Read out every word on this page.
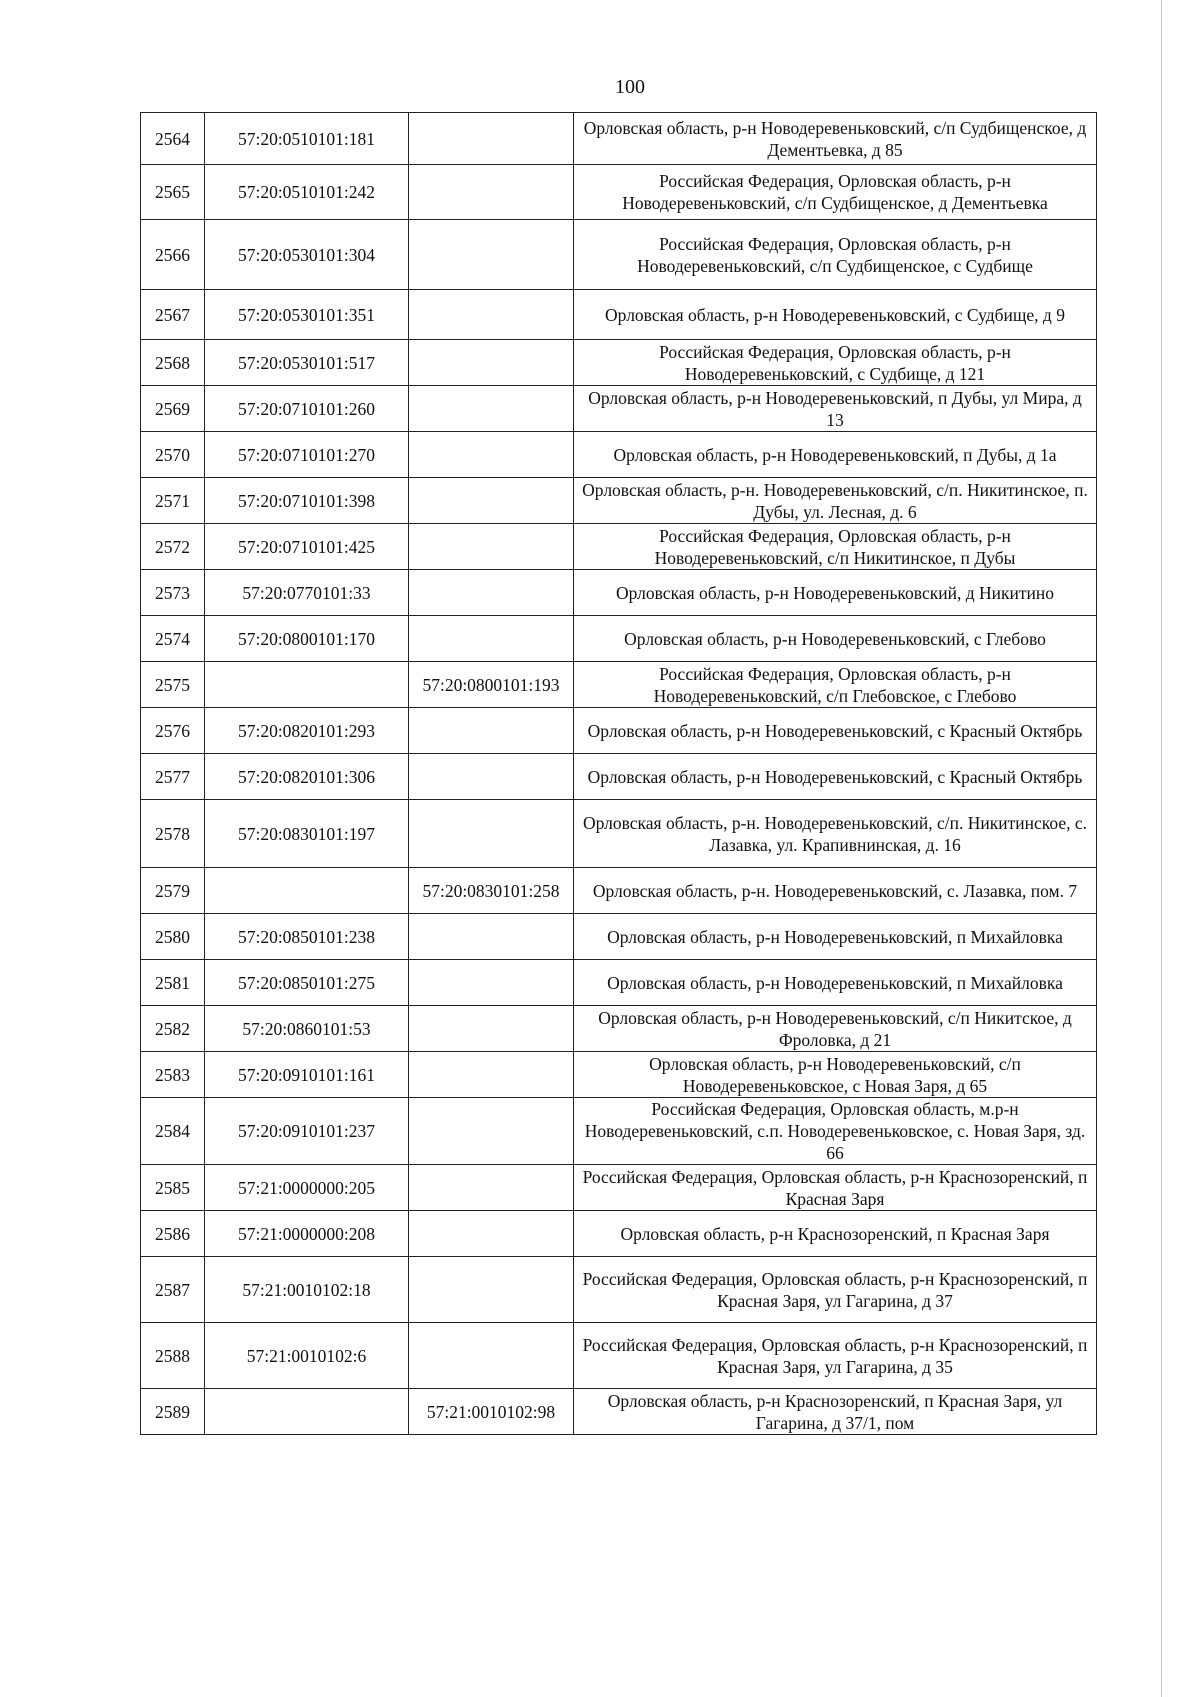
100
2564	57:20:0510101:181		Орловская область, р-н Новодеревеньковский, с/п Судбищенское, д Дементьевка, д 85
2565	57:20:0510101:242		Российская Федерация, Орловская область, р-н Новодеревеньковский, с/п Судбищенское, д Дементьевка
2566	57:20:0530101:304		Российская Федерация, Орловская область, р-н Новодеревеньковский, с/п Судбищенское, с Судбище
2567	57:20:0530101:351		Орловская область, р-н Новодеревеньковский, с Судбище, д 9
2568	57:20:0530101:517		Российская Федерация, Орловская область, р-н Новодеревеньковский, с Судбище, д 121
2569	57:20:0710101:260		Орловская область, р-н Новодеревеньковский, п Дубы, ул Мира, д 13
2570	57:20:0710101:270		Орловская область, р-н Новодеревеньковский, п Дубы, д 1а
2571	57:20:0710101:398		Орловская область, р-н. Новодеревеньковский, с/п. Никитинское, п. Дубы, ул. Лесная, д. 6
2572	57:20:0710101:425		Российская Федерация, Орловская область, р-н Новодеревеньковский, с/п Никитинское, п Дубы
2573	57:20:0770101:33		Орловская область, р-н Новодеревеньковский, д Никитино
2574	57:20:0800101:170		Орловская область, р-н Новодеревеньковский, с Глебово
2575		57:20:0800101:193	Российская Федерация, Орловская область, р-н Новодеревеньковский, с/п Глебовское, с Глебово
2576	57:20:0820101:293		Орловская область, р-н Новодеревеньковский, с Красный Октябрь
2577	57:20:0820101:306		Орловская область, р-н Новодеревеньковский, с Красный Октябрь
2578	57:20:0830101:197		Орловская область, р-н. Новодеревеньковский, с/п. Никитинское, с. Лазавка, ул. Крапивнинская, д. 16
2579		57:20:0830101:258	Орловская область, р-н. Новодеревеньковский, с. Лазавка, пом. 7
2580	57:20:0850101:238		Орловская область, р-н Новодеревеньковский, п Михайловка
2581	57:20:0850101:275		Орловская область, р-н Новодеревеньковский, п Михайловка
2582	57:20:0860101:53		Орловская область, р-н Новодеревеньковский, с/п Никитское, д Фроловка, д 21
2583	57:20:0910101:161		Орловская область, р-н Новодеревеньковский, с/п Новодеревеньковское, с Новая Заря, д 65
2584	57:20:0910101:237		Российская Федерация, Орловская область, м.р-н Новодеревеньковский, с.п. Новодеревеньковское, с. Новая Заря, зд. 66
2585	57:21:0000000:205		Российская Федерация, Орловская область, р-н Краснозоренский, п Красная Заря
2586	57:21:0000000:208		Орловская область, р-н Краснозоренский, п Красная Заря
2587	57:21:0010102:18		Российская Федерация, Орловская область, р-н Краснозоренский, п Красная Заря, ул Гагарина, д 37
2588	57:21:0010102:6		Российская Федерация, Орловская область, р-н Краснозоренский, п Красная Заря, ул Гагарина, д 35
2589		57:21:0010102:98	Орловская область, р-н Краснозоренский, п Красная Заря, ул Гагарина, д 37/1, пом
